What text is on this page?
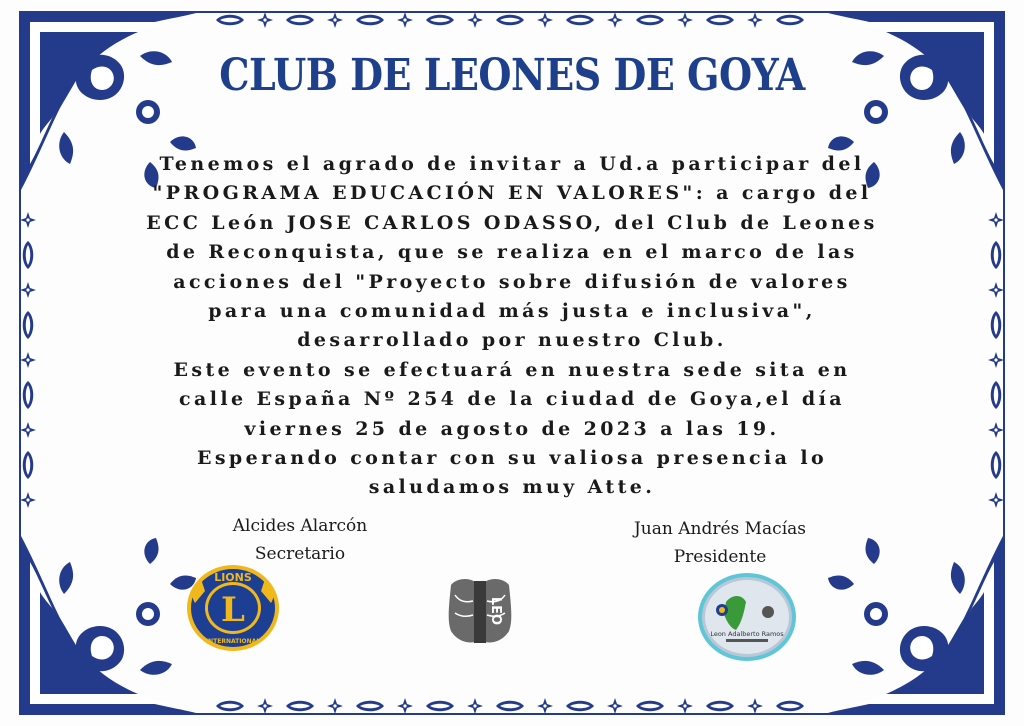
CLUB DE LEONES DE GOYA
Tenemos el agrado de invitar a Ud.a participar del
"PROGRAMA EDUCACIÓN EN VALORES": a cargo del
ECC León JOSE CARLOS ODASSO, del Club de Leones
de Reconquista, que se realiza en el marco de las
acciones del "Proyecto sobre difusión de valores
para una comunidad más justa e inclusiva",
desarrollado por nuestro Club.
Este evento se efectuará en nuestra sede sita en
calle España Nº 254 de la ciudad de Goya,el día
viernes 25 de agosto de 2023 a las 19.
Esperando contar con su valiosa presencia lo
saludamos muy Atte.
Alcides Alarcón
Secretario
Juan Andrés Macías
Presidente
LIONS
L
INTERNATIONAL
LEO
Leon Adalberto Ramos
